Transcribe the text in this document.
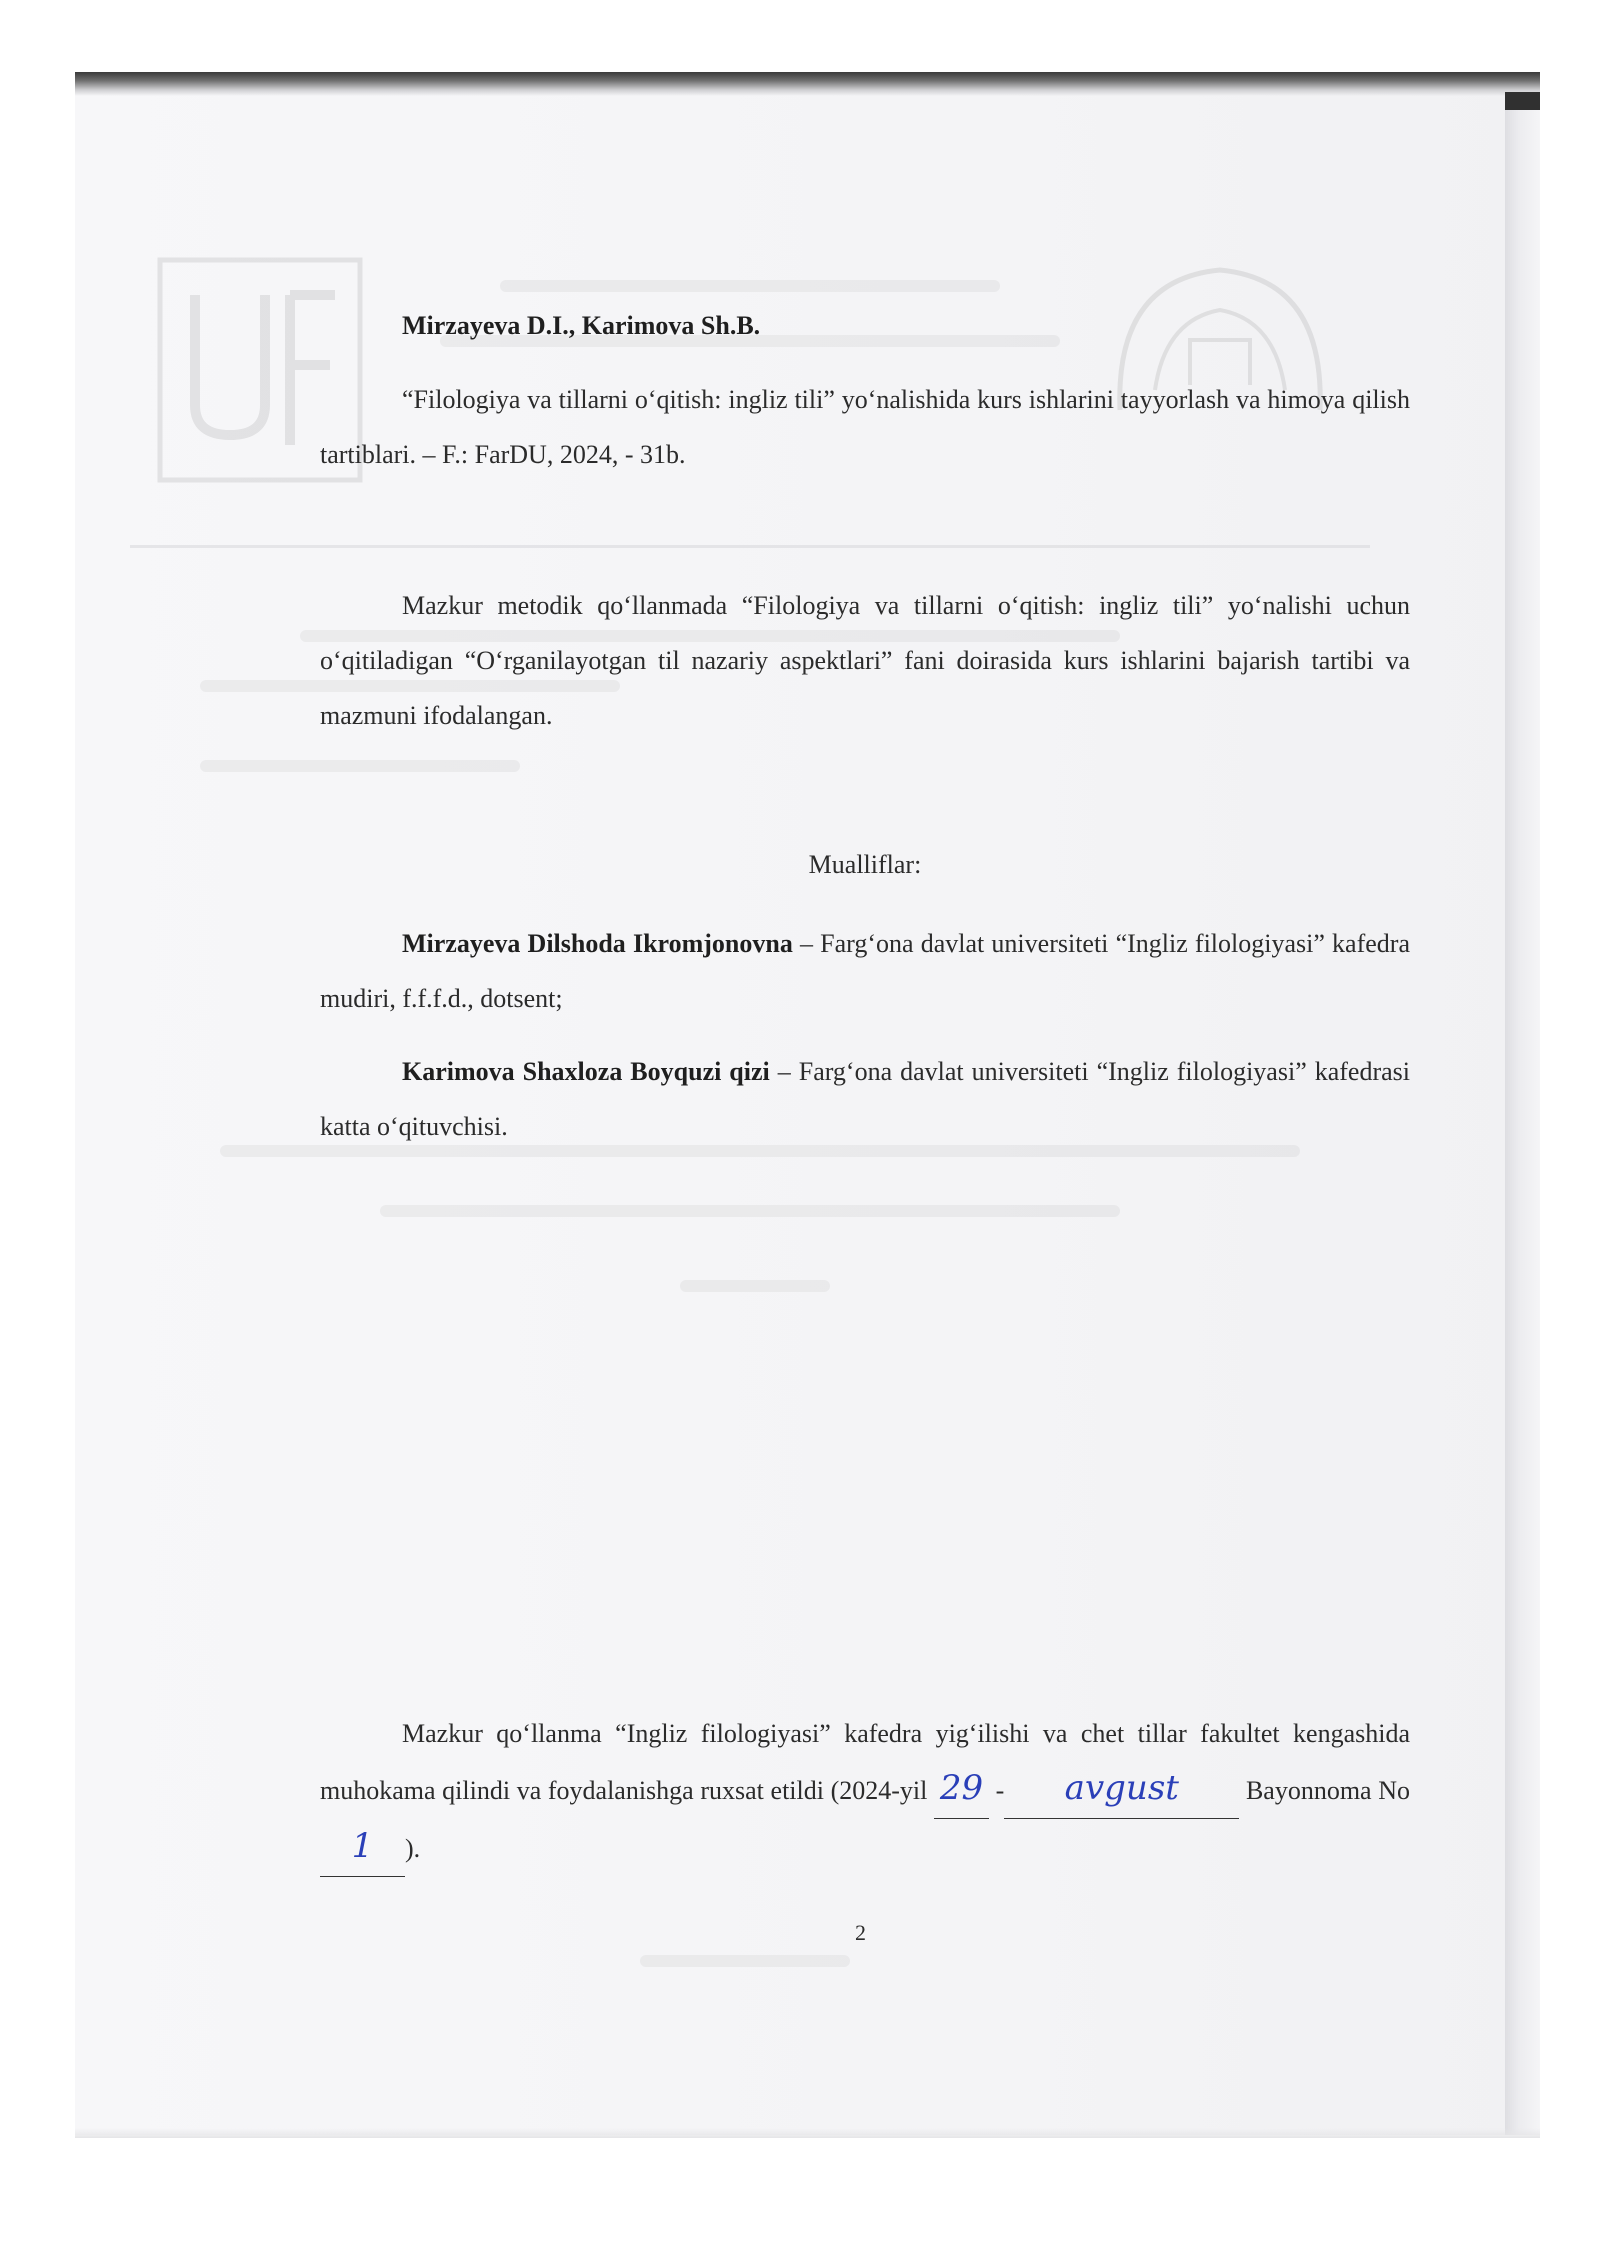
Mirzayeva D.I., Karimova Sh.B.
“Filologiya va tillarni o‘qitish: ingliz tili” yo‘nalishida kurs ishlarini tayyorlash va himoya qilish tartiblari. – F.: FarDU, 2024, - 31b.
Mazkur metodik qo‘llanmada “Filologiya va tillarni o‘qitish: ingliz tili” yo‘nalishi uchun o‘qitiladigan “O‘rganilayotgan til nazariy aspektlari” fani doirasida kurs ishlarini bajarish tartibi va mazmuni ifodalangan.
Mualliflar:
Mirzayeva Dilshoda Ikromjonovna – Farg‘ona davlat universiteti “Ingliz filologiyasi” kafedra mudiri, f.f.f.d., dotsent;
Karimova Shaxloza Boyquzi qizi – Farg‘ona davlat universiteti “Ingliz filologiyasi” kafedrasi katta o‘qituvchisi.
Mazkur qo‘llanma “Ingliz filologiyasi” kafedra yig‘ilishi va chet tillar fakultet kengashida muhokama qilindi va foydalanishga ruxsat etildi (2024-yil 29 - avgust Bayonnoma No1 ).
2
